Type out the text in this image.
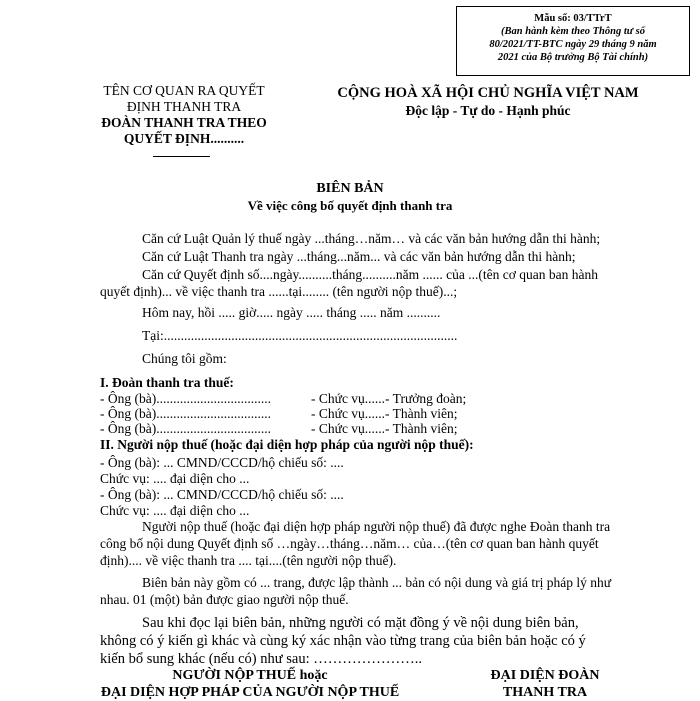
Mẫu số: 03/TTrT
(Ban hành kèm theo Thông tư số
80/2021/TT-BTC ngày 29 tháng 9 năm
2021 của Bộ trưởng Bộ Tài chính)
TÊN CƠ QUAN RA QUYẾT
ĐỊNH THANH TRA
ĐOÀN THANH TRA THEO
QUYẾT ĐỊNH..........
CỘNG HOÀ XÃ HỘI CHỦ NGHĨA VIỆT NAM
Độc lập - Tự do - Hạnh phúc
BIÊN BẢN
Về việc công bố quyết định thanh tra
Căn cứ Luật Quản lý thuế ngày ...tháng…năm… và các văn bản hướng dẫn thi hành;
Căn cứ Luật Thanh tra ngày ...tháng...năm... và các văn bản hướng dẫn thi hành;
Căn cứ Quyết định số....ngày..........tháng..........năm ...... của ...(tên cơ quan ban hành
quyết định)... về việc thanh tra ......tại........ (tên người nộp thuế)...;
Hôm nay, hồi ..... giờ..... ngày ..... tháng ..... năm ..........
Tại:.......................................................................................
Chúng tôi gồm:
I. Đoàn thanh tra thuế:
- Ông (bà)..................................	- Chức vụ......- Trưởng đoàn;
- Ông (bà)..................................	- Chức vụ......- Thành viên;
- Ông (bà)..................................	- Chức vụ......- Thành viên;
II. Người nộp thuế (hoặc đại diện hợp pháp của người nộp thuế):
- Ông (bà): ... CMND/CCCD/hộ chiếu số: ....
Chức vụ: .... đại diện cho ...
- Ông (bà): ... CMND/CCCD/hộ chiếu số: ....
Chức vụ: .... đại diện cho ...
Người nộp thuế (hoặc đại diện hợp pháp người nộp thuế) đã được nghe Đoàn thanh tra
công bố nội dung Quyết định số …ngày…tháng…năm… của…(tên cơ quan ban hành quyết
định).... về việc thanh tra .... tại....(tên người nộp thuế).
Biên bản này gồm có ... trang, được lập thành ... bản có nội dung và giá trị pháp lý như
nhau. 01 (một) bản được giao người nộp thuế.
Sau khi đọc lại biên bản, những người có mặt đồng ý về nội dung biên bản,
không có ý kiến gì khác và cùng ký xác nhận vào từng trang của biên bản hoặc có ý
kiến bổ sung khác (nếu có) như sau: …………………..
NGƯỜI NỘP THUẾ hoặc
ĐẠI DIỆN HỢP PHÁP CỦA NGƯỜI NỘP THUẾ
ĐẠI DIỆN ĐOÀN
THANH TRA
